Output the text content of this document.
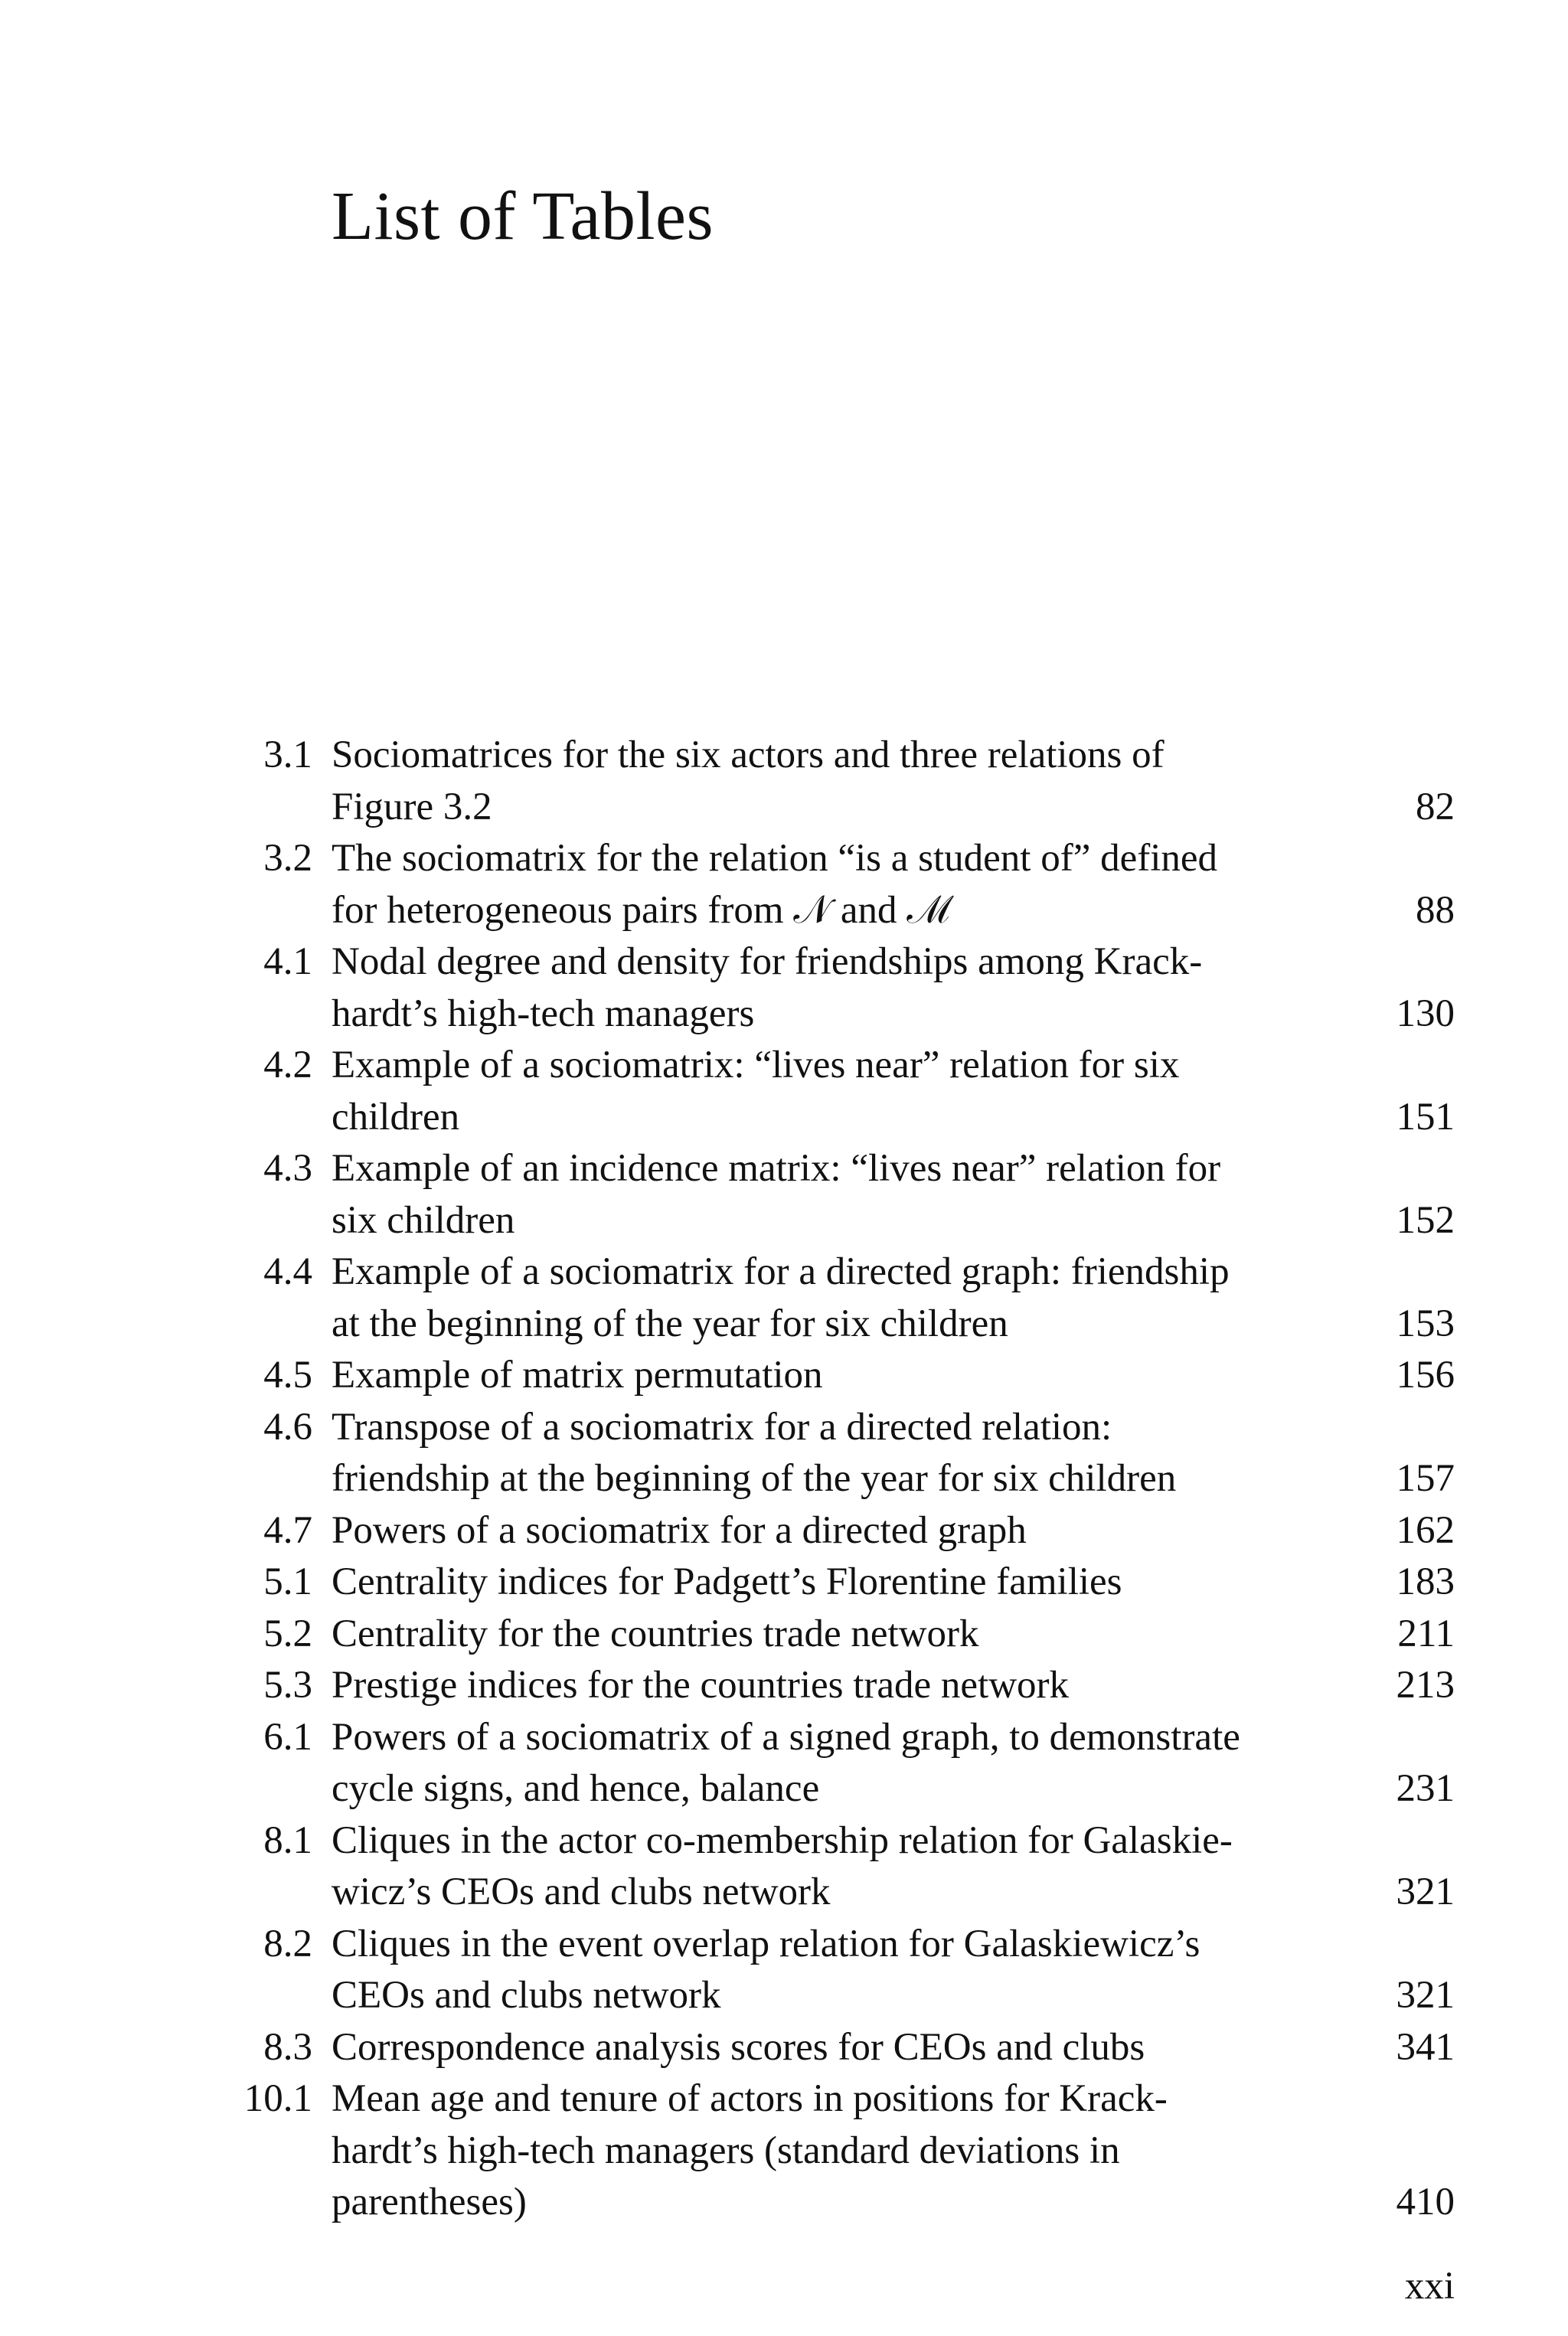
List of Tables
3.1 Sociomatrices for the six actors and three relations of
Figure 3.2	82
3.2 The sociomatrix for the relation “is a student of” defined
for heterogeneous pairs from 𝒩 and ℳ	88
4.1 Nodal degree and density for friendships among Krack-
hardt’s high-tech managers	130
4.2 Example of a sociomatrix: “lives near” relation for six
children	151
4.3 Example of an incidence matrix: “lives near” relation for
six children	152
4.4 Example of a sociomatrix for a directed graph: friendship
at the beginning of the year for six children	153
4.5 Example of matrix permutation	156
4.6 Transpose of a sociomatrix for a directed relation:
friendship at the beginning of the year for six children	157
4.7 Powers of a sociomatrix for a directed graph	162
5.1 Centrality indices for Padgett’s Florentine families	183
5.2 Centrality for the countries trade network	211
5.3 Prestige indices for the countries trade network	213
6.1 Powers of a sociomatrix of a signed graph, to demonstrate
cycle signs, and hence, balance	231
8.1 Cliques in the actor co-membership relation for Galaskie-
wicz’s CEOs and clubs network	321
8.2 Cliques in the event overlap relation for Galaskiewicz’s
CEOs and clubs network	321
8.3 Correspondence analysis scores for CEOs and clubs	341
10.1 Mean age and tenure of actors in positions for Krack-
hardt’s high-tech managers (standard deviations in
parentheses)	410
xxi
